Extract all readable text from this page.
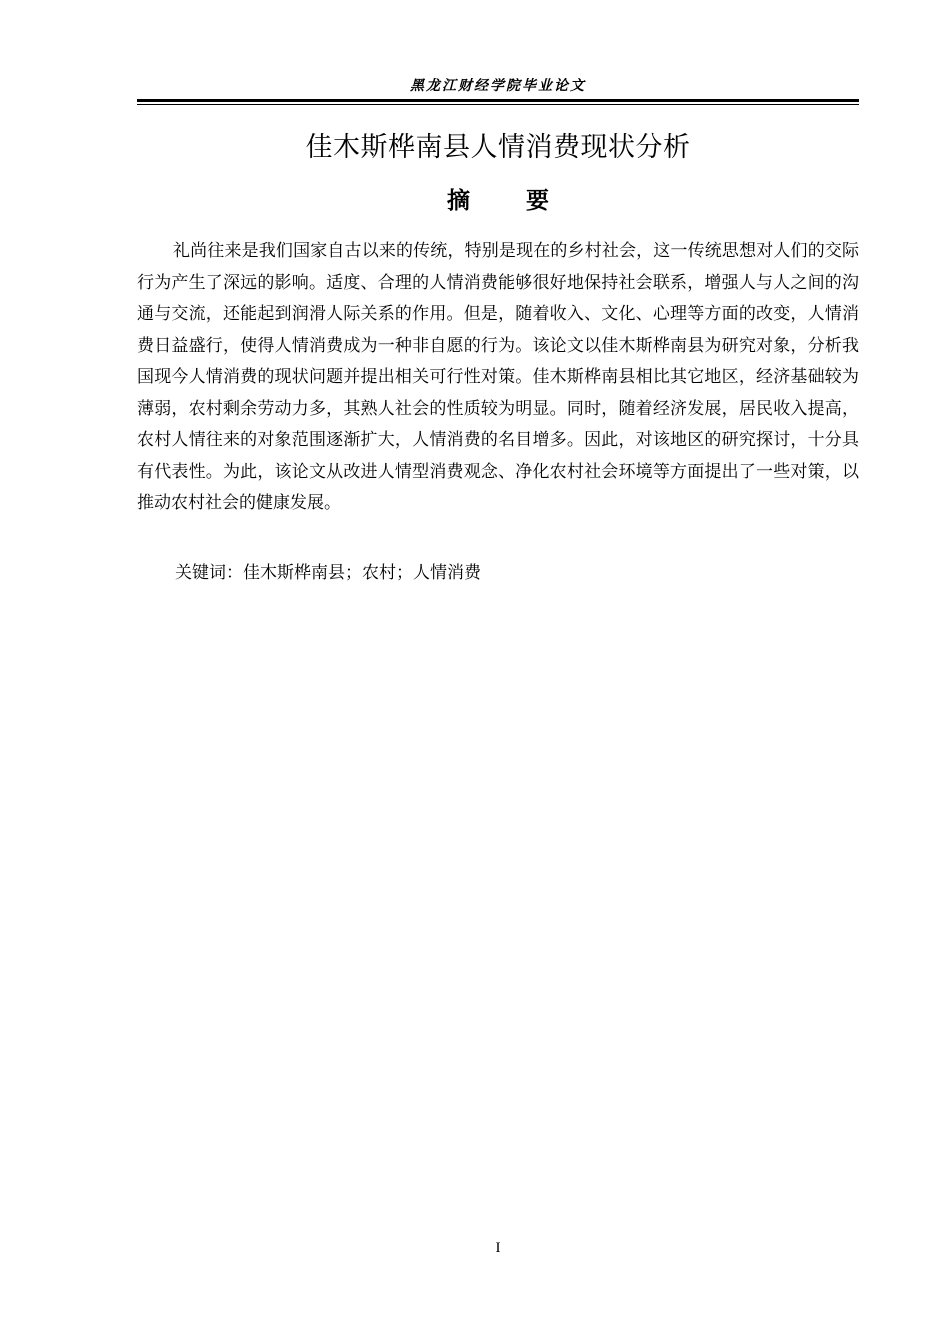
黑龙江财经学院毕业论文
佳木斯桦南县人情消费现状分析
摘 要

礼尚往来是我们国家自古以来的传统，特别是现在的乡村社会，这一传统思想对人们的交际行为产生了深远的影响。适度、合理的人情消费能够很好地保持社会联系，增强人与人之间的沟通与交流，还能起到润滑人际关系的作用。但是，随着收入、文化、心理等方面的改变，人情消费日益盛行，使得人情消费成为一种非自愿的行为。该论文以佳木斯桦南县为研究对象，分析我国现今人情消费的现状问题并提出相关可行性对策。佳木斯桦南县相比其它地区，经济基础较为薄弱，农村剩余劳动力多，其熟人社会的性质较为明显。同时，随着经济发展，居民收入提高，农村人情往来的对象范围逐渐扩大，人情消费的名目增多。因此，对该地区的研究探讨，十分具有代表性。为此，该论文从改进人情型消费观念、净化农村社会环境等方面提出了一些对策，以推动农村社会的健康发展。

关键词：佳木斯桦南县；农村；人情消费
I
